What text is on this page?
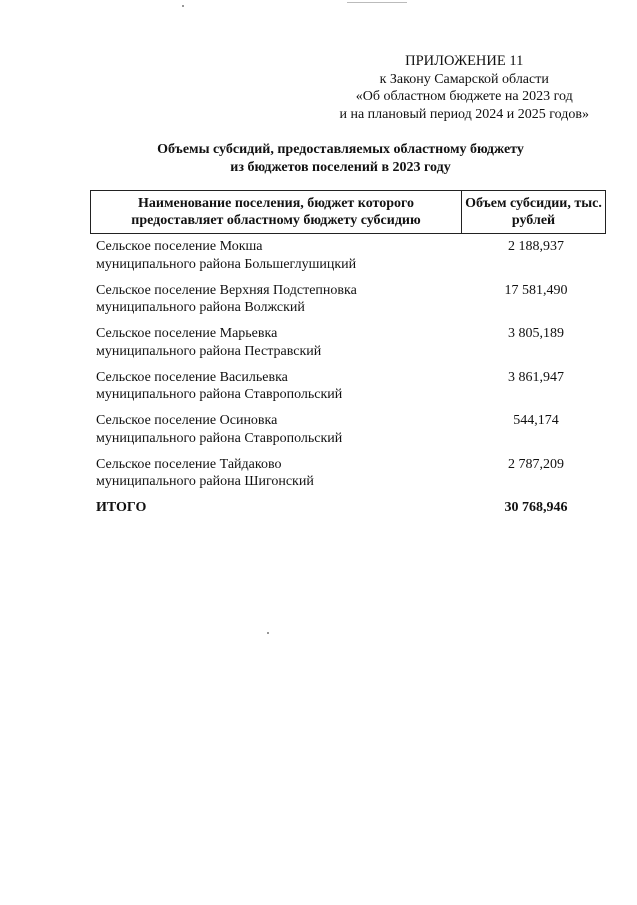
ПРИЛОЖЕНИЕ 11
к Закону Самарской области
«Об областном бюджете на 2023 год
и на плановый период 2024 и 2025 годов»
Объемы субсидий, предоставляемых областному бюджету
из бюджетов поселений в 2023 году
Наименование поселения, бюджет которого предоставляет областному бюджету субсидию
Объем субсидии, тыс. рублей
Сельское поселение Мокша
муниципального района Большеглушицкий
2 188,937
Сельское поселение Верхняя Подстепновка
муниципального района Волжский
17 581,490
Сельское поселение Марьевка
муниципального района Пестравский
3 805,189
Сельское поселение Васильевка
муниципального района Ставропольский
3 861,947
Сельское поселение Осиновка
муниципального района Ставропольский
544,174
Сельское поселение Тайдаково
муниципального района Шигонский
2 787,209
ИТОГО	30 768,946
